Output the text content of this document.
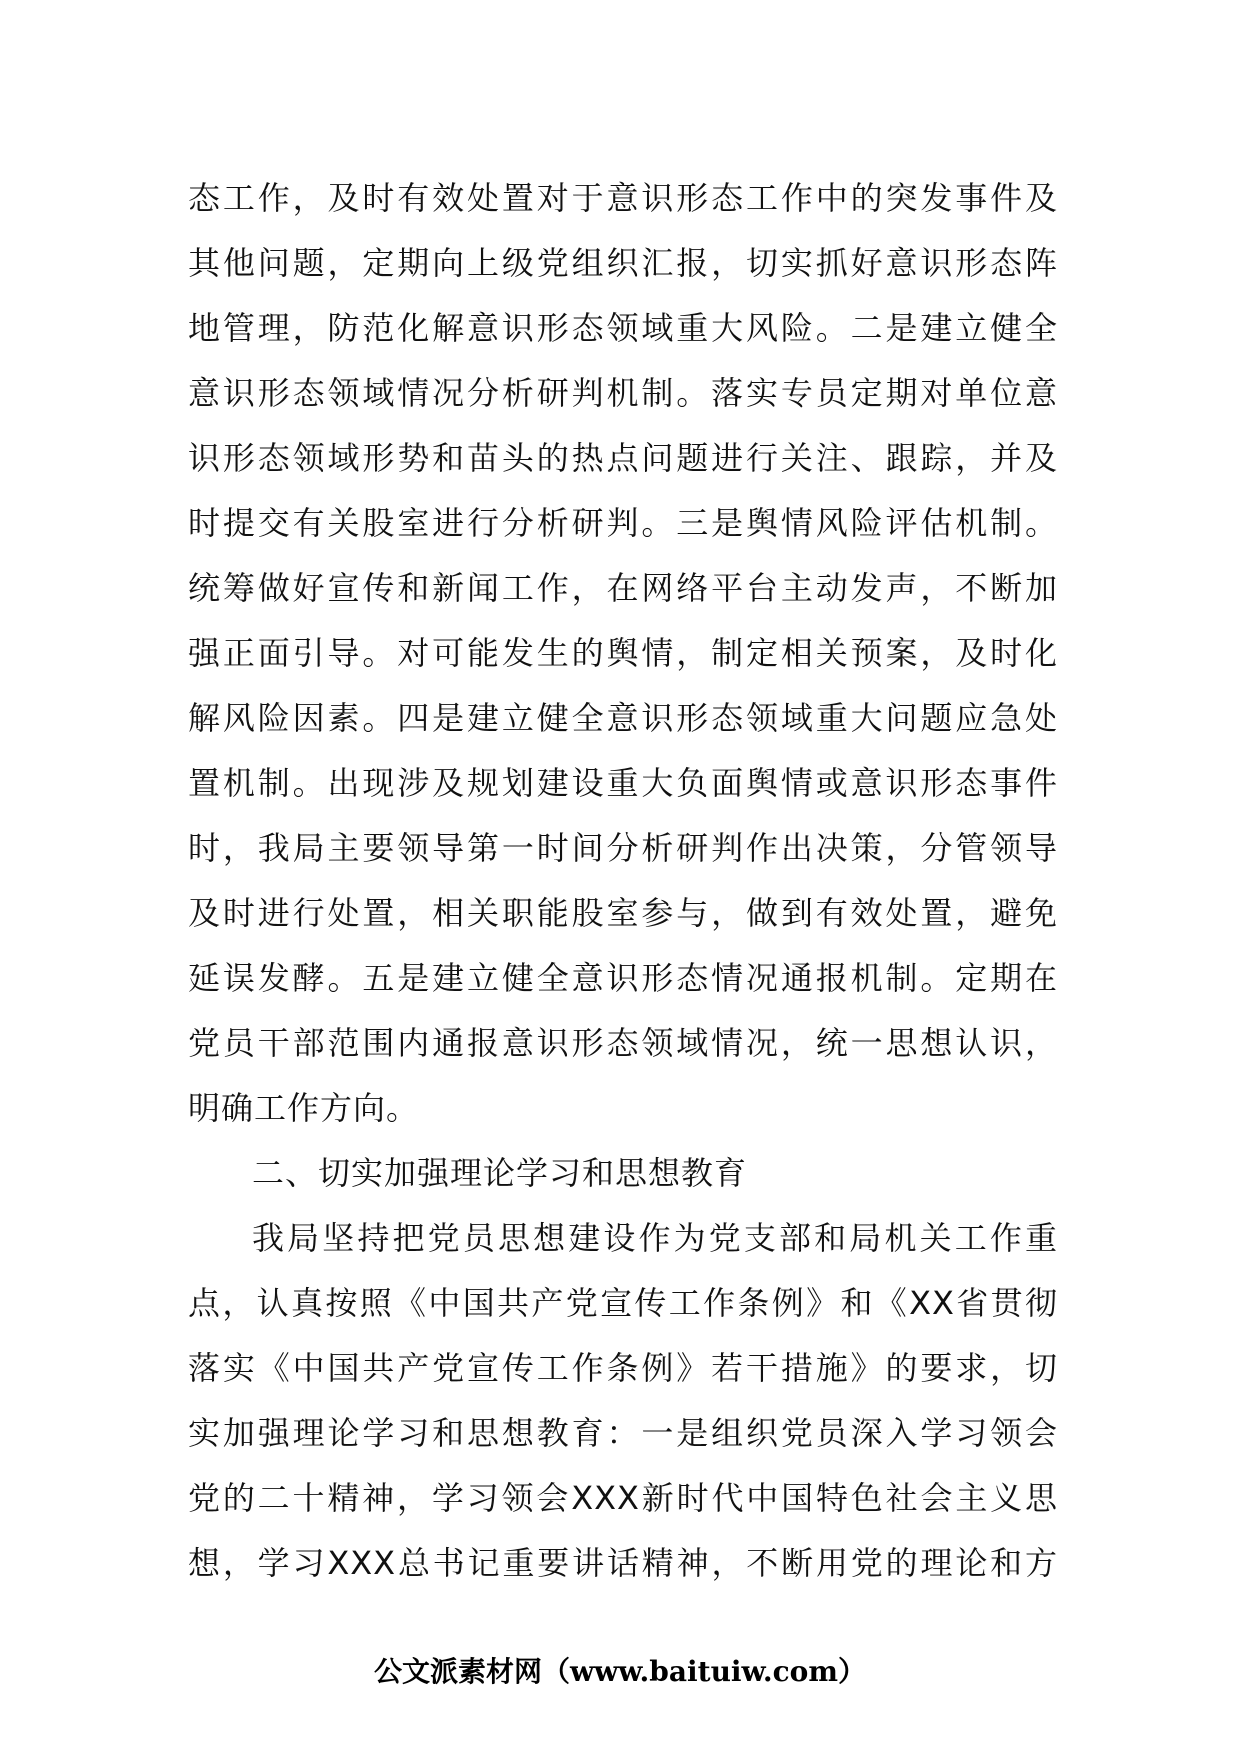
态工作，及时有效处置对于意识形态工作中的突发事件及
其他问题，定期向上级党组织汇报，切实抓好意识形态阵
地管理，防范化解意识形态领域重大风险。二是建立健全
意识形态领域情况分析研判机制。落实专员定期对单位意
识形态领域形势和苗头的热点问题进行关注、跟踪，并及
时提交有关股室进行分析研判。三是舆情风险评估机制。
统筹做好宣传和新闻工作，在网络平台主动发声，不断加
强正面引导。对可能发生的舆情，制定相关预案，及时化
解风险因素。四是建立健全意识形态领域重大问题应急处
置机制。出现涉及规划建设重大负面舆情或意识形态事件
时，我局主要领导第一时间分析研判作出决策，分管领导
及时进行处置，相关职能股室参与，做到有效处置，避免
延误发酵。五是建立健全意识形态情况通报机制。定期在
党员干部范围内通报意识形态领域情况，统一思想认识，
明确工作方向。
二、切实加强理论学习和思想教育
我局坚持把党员思想建设作为党支部和局机关工作重
点，认真按照《中国共产党宣传工作条例》和《XX省贯彻
落实《中国共产党宣传工作条例》若干措施》的要求，切
实加强理论学习和思想教育：一是组织党员深入学习领会
党的二十精神，学习领会XXX新时代中国特色社会主义思
想，学习XXX总书记重要讲话精神，不断用党的理论和方
公文派素材网（www.baituiw.com）
